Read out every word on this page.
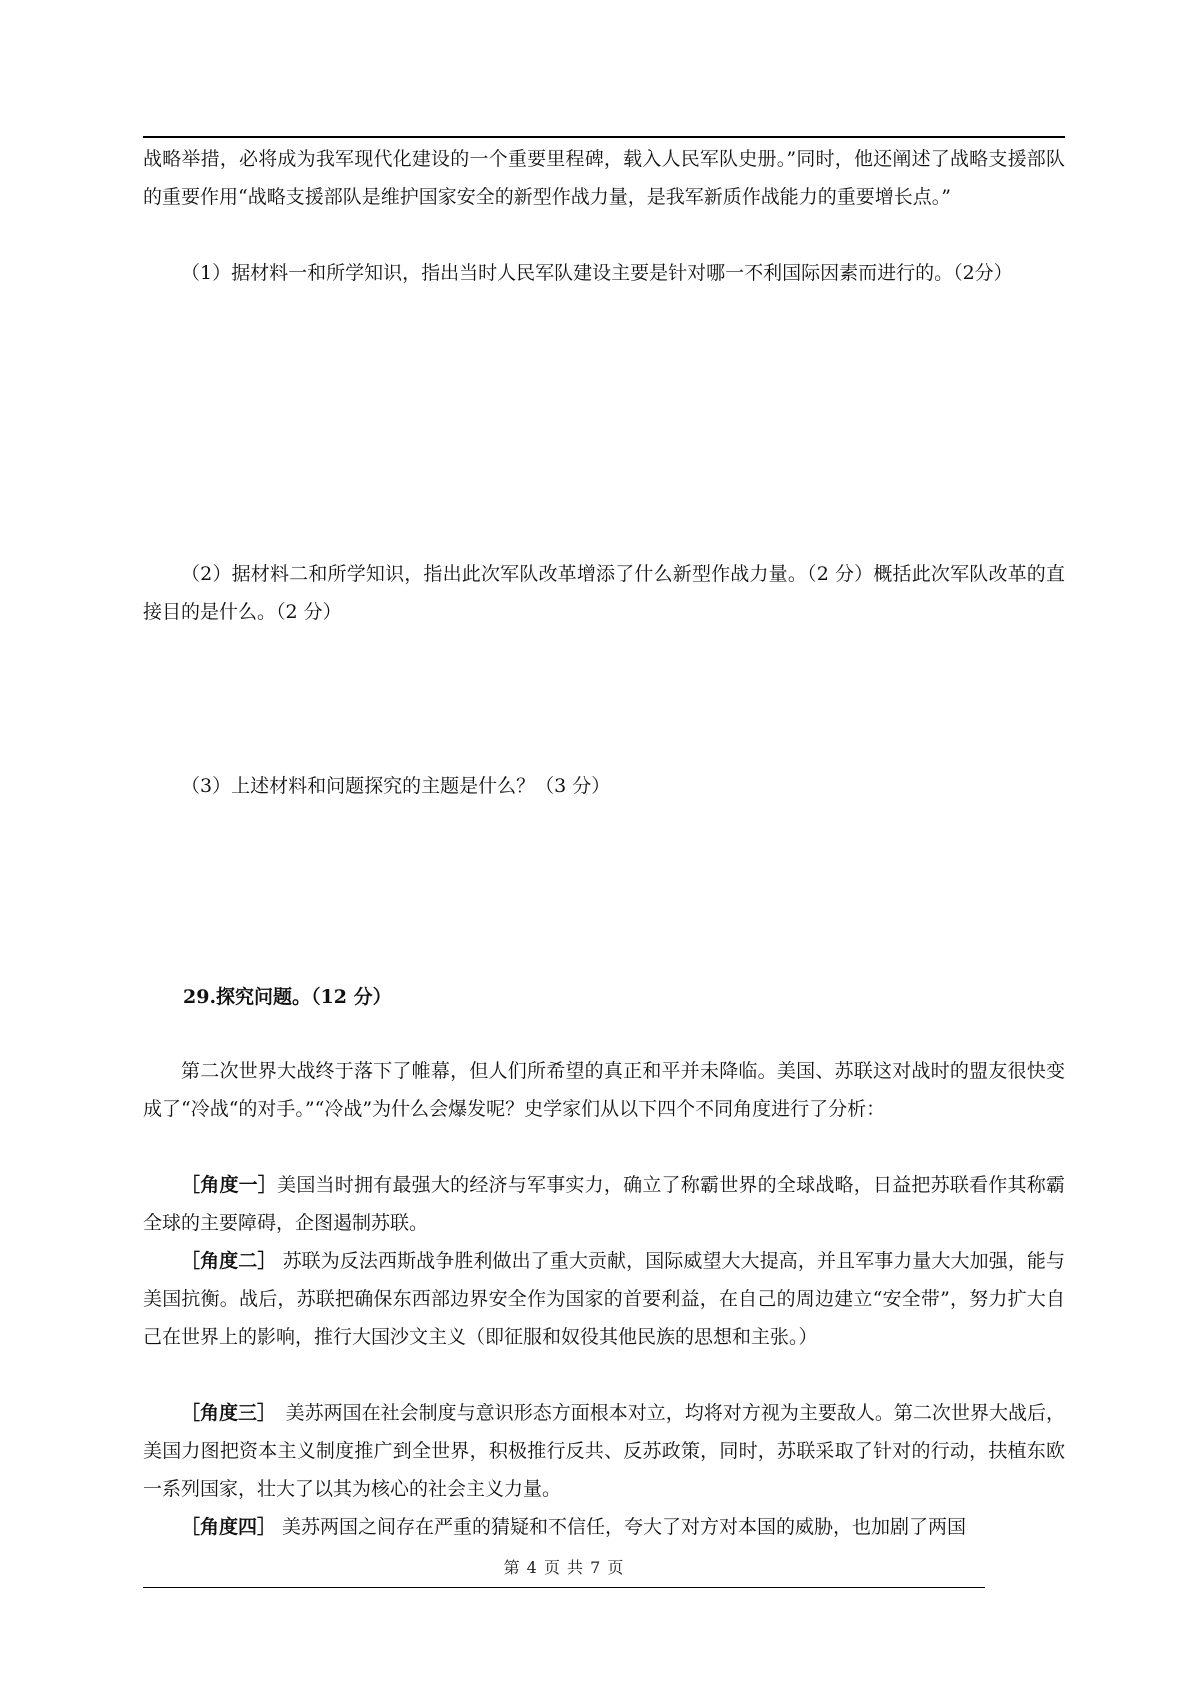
战略举措，必将成为我军现代化建设的一个重要里程碑，载入人民军队史册。”同时，他还阐述了战略支援部队的重要作用“战略支援部队是维护国家安全的新型作战力量，是我军新质作战能力的重要增长点。”

（1）据材料一和所学知识，指出当时人民军队建设主要是针对哪一不利国际因素而进行的。（2分）

（2）据材料二和所学知识，指出此次军队改革增添了什么新型作战力量。（2 分）概括此次军队改革的直接目的是什么。（2 分）

（3）上述材料和问题探究的主题是什么？（3 分）

29.探究问题。（12 分）

第二次世界大战终于落下了帷幕，但人们所希望的真正和平并未降临。美国、苏联这对战时的盟友很快变成了“冷战“的对手。”“冷战”为什么会爆发呢？史学家们从以下四个不同角度进行了分析：

［角度一］美国当时拥有最强大的经济与军事实力，确立了称霸世界的全球战略，日益把苏联看作其称霸全球的主要障碍，企图遏制苏联。

［角度二］ 苏联为反法西斯战争胜利做出了重大贡献，国际威望大大提高，并且军事力量大大加强，能与美国抗衡。战后，苏联把确保东西部边界安全作为国家的首要利益，在自己的周边建立“安全带”，努力扩大自己在世界上的影响，推行大国沙文主义（即征服和奴役其他民族的思想和主张。）

［角度三］　美苏两国在社会制度与意识形态方面根本对立，均将对方视为主要敌人。第二次世界大战后，美国力图把资本主义制度推广到全世界，积极推行反共、反苏政策，同时，苏联采取了针对的行动，扶植东欧一系列国家，壮大了以其为核心的社会主义力量。

［角度四］ 美苏两国之间存在严重的猜疑和不信任，夸大了对方对本国的威胁，也加剧了两国

第 4 页 共 7 页
